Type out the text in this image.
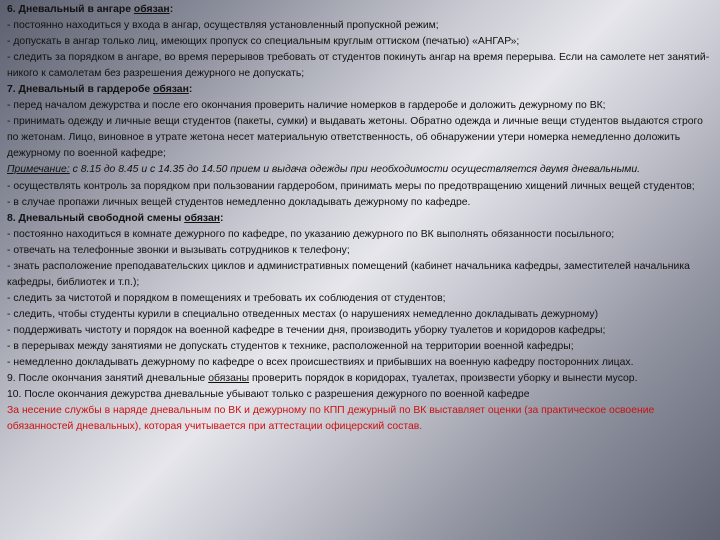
6. Дневальный в ангаре обязан:

- постоянно находиться у входа в ангар, осуществляя установленный пропускной режим;

- допускать в ангар только лиц, имеющих пропуск со специальным круглым оттиском (печатью) «АНГАР»;

- следить за порядком в ангаре, во время перерывов требовать от студентов покинуть ангар на время перерыва. Если на самолете нет занятий- никого к самолетам без разрешения дежурного не допускать;

7. Дневальный в гардеробе обязан:

- перед началом дежурства и после его окончания проверить наличие номерков в гардеробе и доложить дежурному по ВК;

- принимать одежду и личные вещи студентов (пакеты, сумки) и выдавать жетоны. Обратно одежда и личные вещи студентов выдаются строго по жетонам. Лицо, виновное в утрате жетона несет материальную ответственность, об обнаружении утери номерка немедленно доложить дежурному по военной кафедре;

Примечание: с 8.15 до 8.45 и с 14.35 до 14.50 прием и выдача одежды при необходимости осуществляется двумя дневальными.

- осуществлять контроль за порядком при пользовании гардеробом, принимать меры по предотвращению хищений личных вещей студентов;

- в случае пропажи личных вещей студентов немедленно докладывать дежурному по кафедре.

8. Дневальный свободной смены обязан:

- постоянно находиться в комнате дежурного по кафедре, по указанию дежурного по ВК выполнять обязанности посыльного;

- отвечать на телефонные звонки и вызывать сотрудников к телефону;

- знать расположение преподавательских циклов и административных помещений (кабинет начальника кафедры, заместителей начальника кафедры, библиотек и т.п.);

- следить за чистотой и порядком в помещениях и требовать их соблюдения от студентов;

- следить, чтобы студенты курили в специально отведенных местах (о нарушениях немедленно докладывать дежурному)

- поддерживать чистоту и порядок на военной кафедре в течении дня, производить уборку туалетов и коридоров кафедры;

- в перерывах между занятиями не допускать студентов к технике, расположенной на территории военной кафедры;

- немедленно докладывать дежурному по кафедре о всех происшествиях и прибывших на военную кафедру посторонних лицах.

9. После окончания занятий дневальные обязаны проверить порядок в коридорах, туалетах, произвести уборку и вынести мусор.

10. После окончания дежурства дневальные убывают только с разрешения дежурного по военной кафедре

За несение службы в наряде дневальным по ВК и дежурному по КПП дежурный по ВК выставляет оценки (за практическое освоение обязанностей дневальных), которая учитывается при аттестации офицерский состав.
